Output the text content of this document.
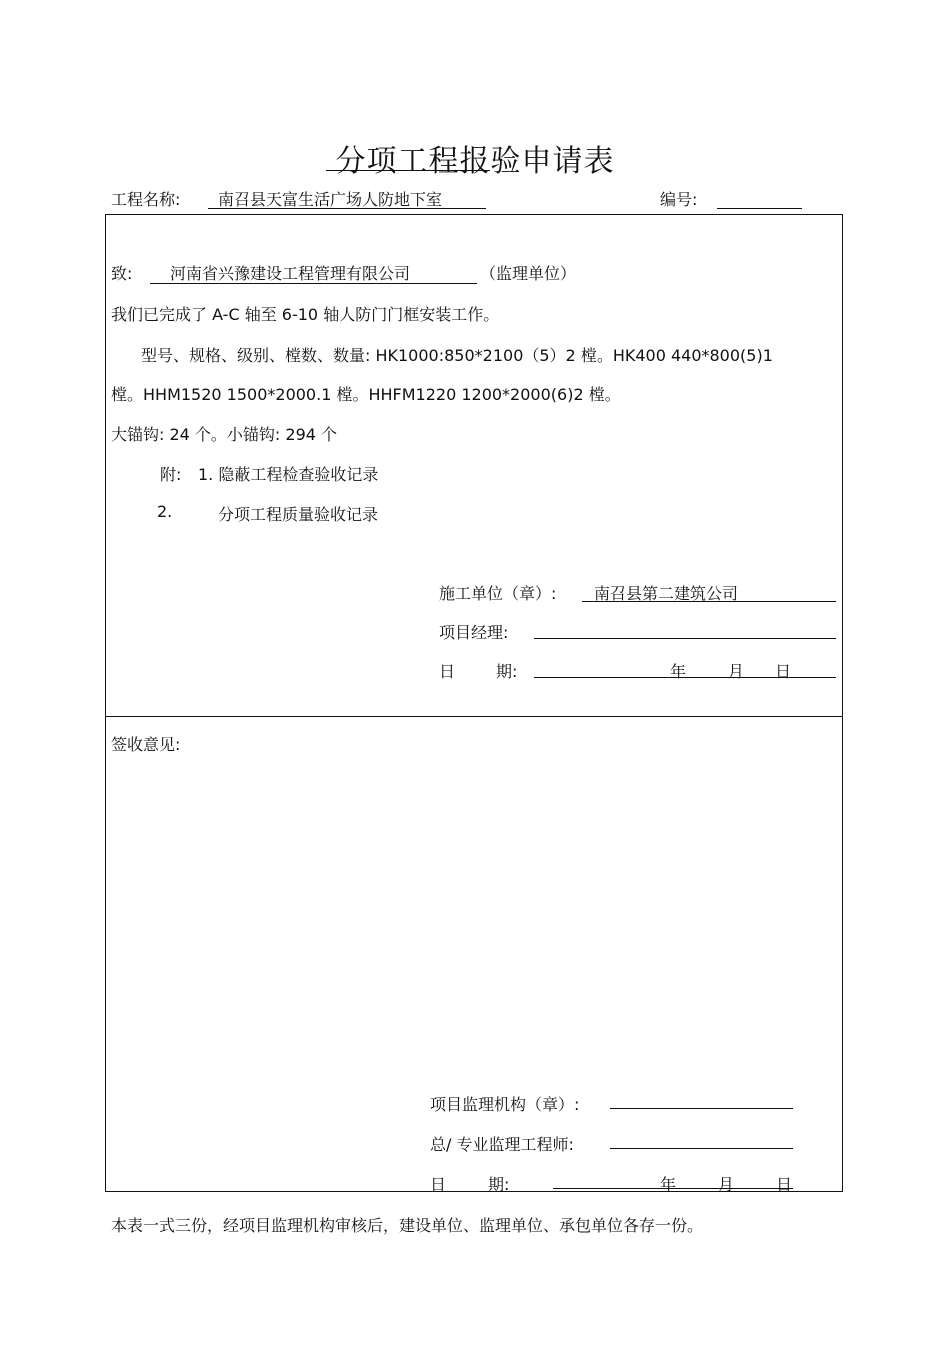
分项工程报验申请表
工程名称: 南召县天富生活广场人防地下室	编号:
致: 河南省兴豫建设工程管理有限公司	（监理单位）
我们已完成了 A-C 轴至 6-10 轴人防门门框安装工作。
型号、规格、级别、樘数、数量: HK1000:850*2100（5）2 樘。HK400 440*800(5)1
樘。HHM1520 1500*2000.1 樘。HHFM1220 1200*2000(6)2 樘。
大锚钩: 24 个。小锚钩: 294 个
附: 1. 隐蔽工程检查验收记录
2.	分项工程质量验收记录
施工单位（章）: 南召县第二建筑公司
项目经理:
日	期:	年	月 日
签收意见:
项目监理机构（章）:
总/ 专业监理工程师:
日	期:	年	月	日
本表一式三份，经项目监理机构审核后，建设单位、监理单位、承包单位各存一份。
